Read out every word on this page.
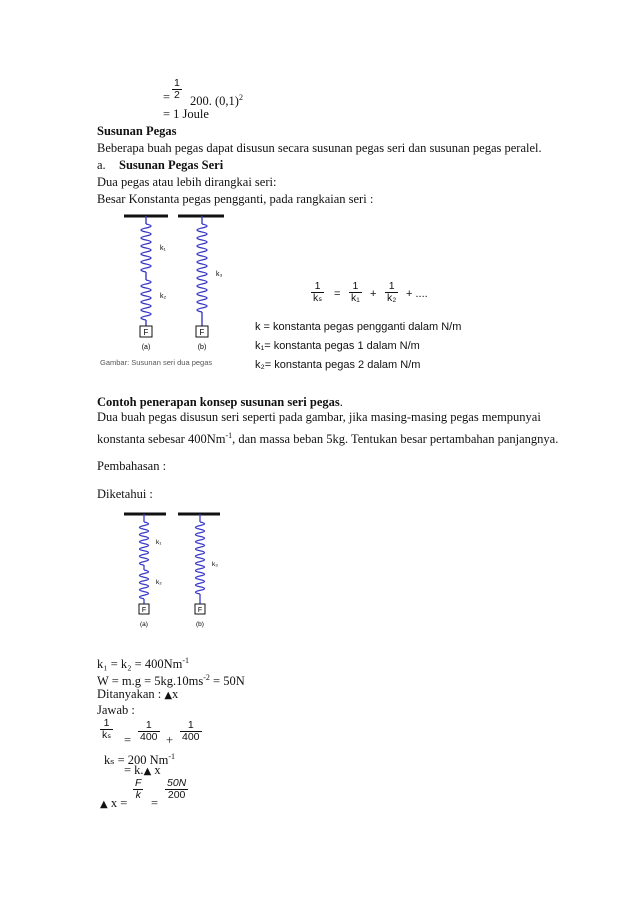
= $\frac{1}{2}$
200. $(0,1)^2$
= 1 Joule
Susunan Pegas
Beberapa buah pegas dapat disusun secara susunan pegas seri dan susunan pegas peralel.
a. Susunan Pegas Seri
Dua pegas atau lebih dirangkai seri:
Besar Konstanta pegas pengganti, pada rangkaian seri :
F	F
k₁
k₂
k₃
(a)	(b)
Gambar: Susunan seri dua pegas
$\frac{1}{\text{kₛ}} = \frac{1}{\text{k₁}} + \frac{1}{\text{k₂}}$ + ....
k = konstanta pegas pengganti dalam N/m
k₁= konstanta pegas 1 dalam N/m
k₂= konstanta pegas 2 dalam N/m
Contoh penerapan konsep susunan seri pegas.
Dua buah pegas disusun seri seperti pada gambar, jika masing-masing pegas mempunyai
konstanta sebesar $400Nm^{-1}$, dan massa beban 5kg. Tentukan besar pertambahan panjangnya.
Pembahasan :
Diketahui :
F	F
k₁
k₂
k₃
(a)	(b)
$k_1 = k_2 = 400Nm^{-1}$
$W = m.g = 5kg.10ms^{-2} = 50N$
Ditanyakan : ▲x
Jawab :
$\frac{1}{\text{kₛ}} = \frac{1}{400} + \frac{1}{400}$
kₛ = 200 $Nm^{-1}$
= k.▲ x
$\frac{F}{k} \frac{50N}{200}$
▲ x = =
